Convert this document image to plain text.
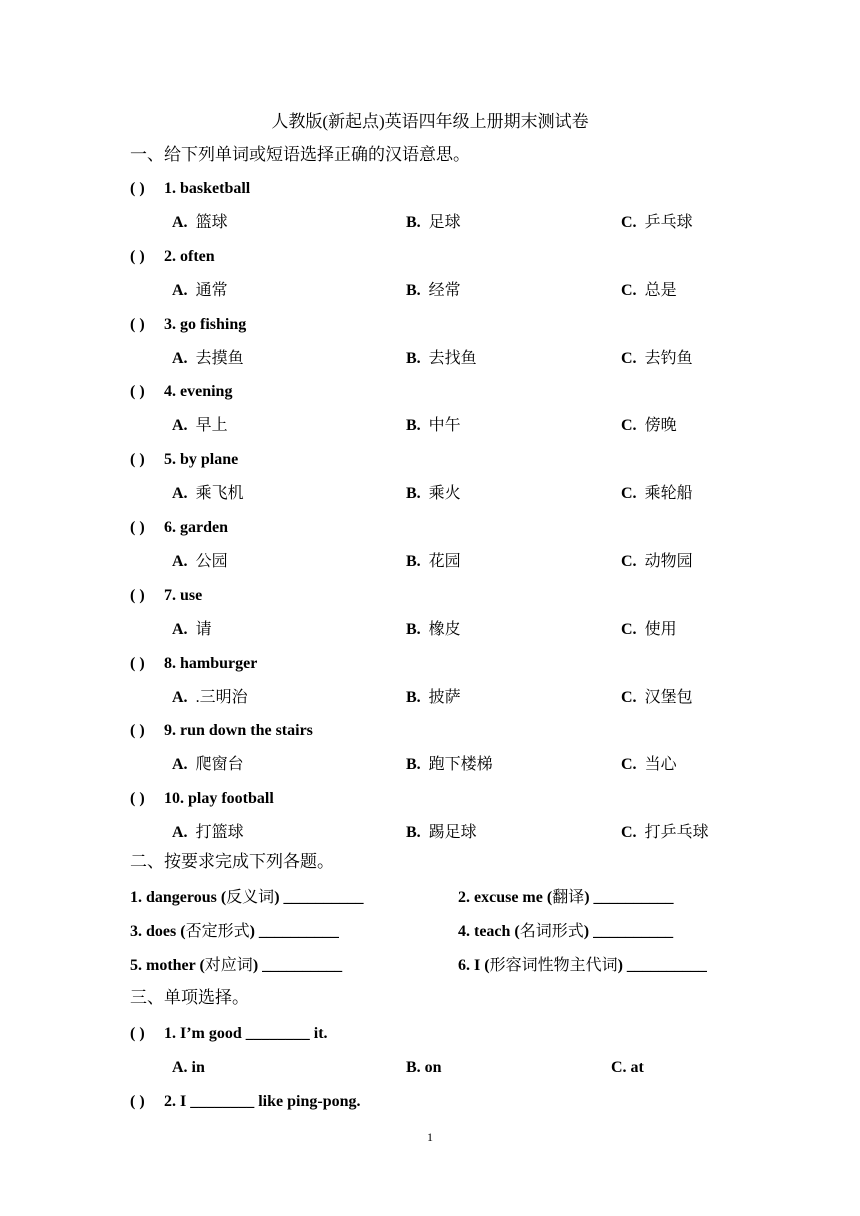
人教版(新起点)英语四年级上册期末测试卷
一、给下列单词或短语选择正确的汉语意思。
( ) 1. basketball
A. 篮球	B. 足球	C. 乒乓球
( ) 2. often
A. 通常	B. 经常	C. 总是
( ) 3. go fishing
A. 去摸鱼	B. 去找鱼	C. 去钓鱼
( ) 4. evening
A. 早上	B. 中午	C. 傍晚
( ) 5. by plane
A. 乘飞机	B. 乘火	C. 乘轮船
( ) 6. garden
A. 公园	B. 花园	C. 动物园
( ) 7. use
A. 请	B. 橡皮	C. 使用
( ) 8. hamburger
A. .三明治	B. 披萨	C. 汉堡包
( ) 9. run down the stairs
A. 爬窗台	B. 跑下楼梯	C. 当心
( ) 10. play football
A. 打篮球	B. 踢足球	C. 打乒乓球
二、按要求完成下列各题。
1. dangerous (反义词) __________	2. excuse me (翻译) __________
3. does (否定形式) __________	4. teach (名词形式) __________
5. mother (对应词) __________	6. I (形容词性物主代词) __________
三、单项选择。
( ) 1. I’m good ________ it.
A. in	B. on	C. at
( ) 2. I ________ like ping-pong.
1
